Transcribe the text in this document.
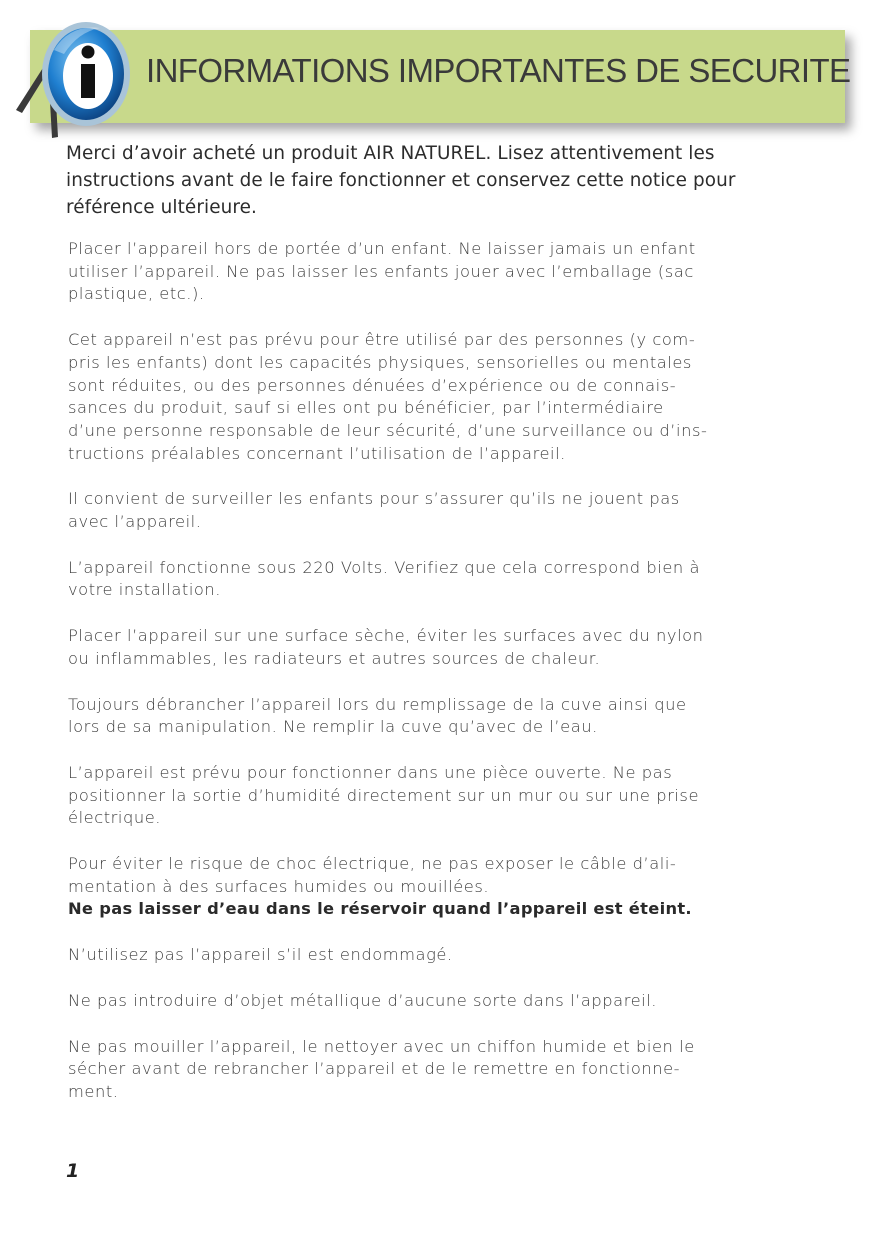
INFORMATIONS IMPORTANTES DE SECURITE

Merci d’avoir acheté un produit AIR NATUREL. Lisez attentivement les
instructions avant de le faire fonctionner et conservez cette notice pour
référence ultérieure.

Placer l’appareil hors de portée d’un enfant. Ne laisser jamais un enfant
utiliser l’appareil. Ne pas laisser les enfants jouer avec l’emballage (sac
plastique, etc.).

Cet appareil n’est pas prévu pour être utilisé par des personnes (y com-
pris les enfants) dont les capacités physiques, sensorielles ou mentales
sont réduites, ou des personnes dénuées d’expérience ou de connais-
sances du produit, sauf si elles ont pu bénéficier, par l’intermédiaire
d’une personne responsable de leur sécurité, d’une surveillance ou d’ins-
tructions préalables concernant l’utilisation de l’appareil.

Il convient de surveiller les enfants pour s’assurer qu’ils ne jouent pas
avec l’appareil.

L’appareil fonctionne sous 220 Volts. Verifiez que cela correspond bien à
votre installation.

Placer l’appareil sur une surface sèche, éviter les surfaces avec du nylon
ou inflammables, les radiateurs et autres sources de chaleur.

Toujours débrancher l’appareil lors du remplissage de la cuve ainsi que
lors de sa manipulation. Ne remplir la cuve qu’avec de l’eau.

L’appareil est prévu pour fonctionner dans une pièce ouverte. Ne pas
positionner la sortie d’humidité directement sur un mur ou sur une prise
électrique.

Pour éviter le risque de choc électrique, ne pas exposer le câble d’ali-
mentation à des surfaces humides ou mouillées.
Ne pas laisser d’eau dans le réservoir quand l’appareil est éteint.

N’utilisez pas l’appareil s’il est endommagé.

Ne pas introduire d’objet métallique d’aucune sorte dans l’appareil.

Ne pas mouiller l’appareil, le nettoyer avec un chiffon humide et bien le
sécher avant de rebrancher l’appareil et de le remettre en fonctionne-
ment.

1
